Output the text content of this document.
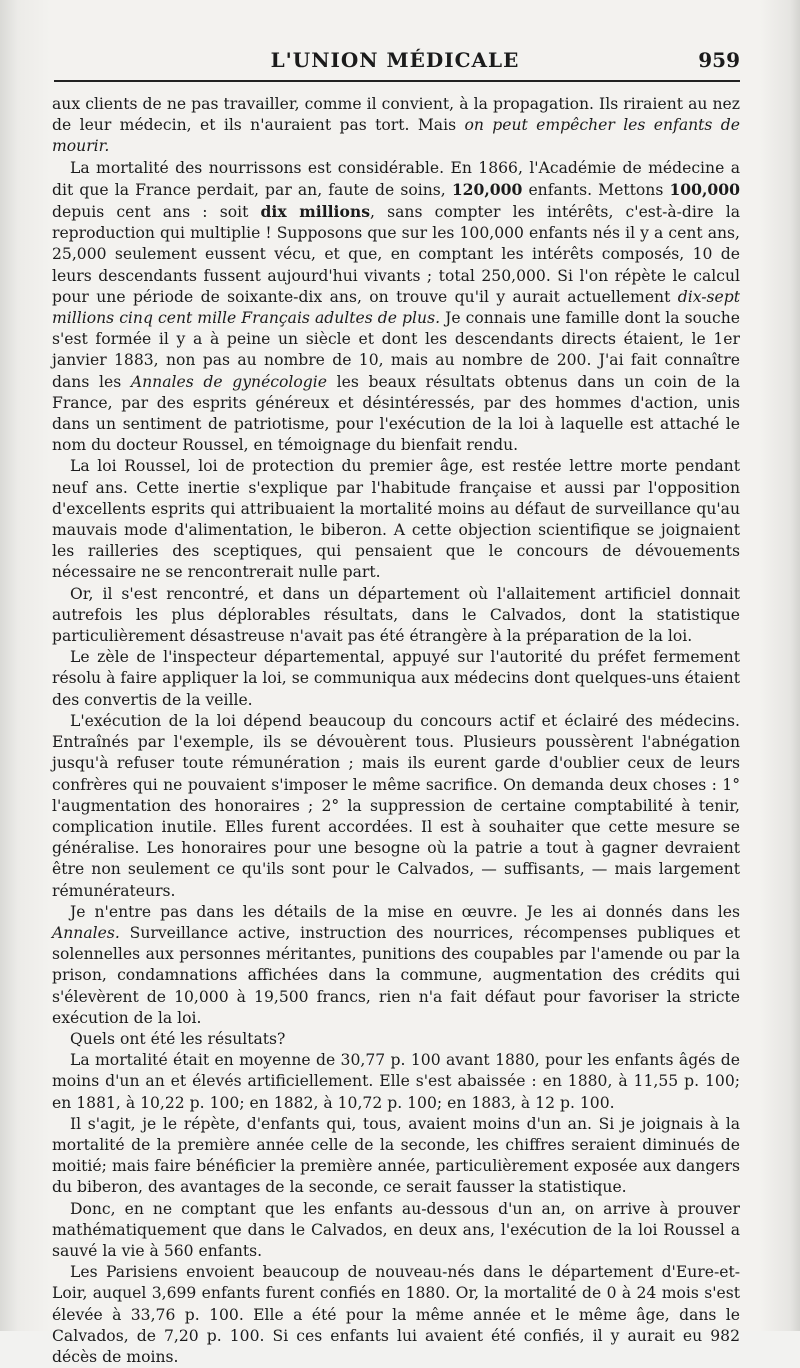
L'UNION MÉDICALE	959

aux clients de ne pas travailler, comme il convient, à la propagation. Ils riraient au nez de leur médecin, et ils n'auraient pas tort. Mais on peut empêcher les enfants de mourir.

La mortalité des nourrissons est considérable. En 1866, l'Académie de médecine a dit que la France perdait, par an, faute de soins, 120,000 enfants. Mettons 100,000 depuis cent ans : soit dix millions, sans compter les intérêts, c'est-à-dire la reproduction qui multiplie ! Supposons que sur les 100,000 enfants nés il y a cent ans, 25,000 seulement eussent vécu, et que, en comptant les intérêts composés, 10 de leurs descendants fussent aujourd'hui vivants ; total 250,000. Si l'on répète le calcul pour une période de soixante-dix ans, on trouve qu'il y aurait actuellement dix-sept millions cinq cent mille Français adultes de plus. Je connais une famille dont la souche s'est formée il y a à peine un siècle et dont les descendants directs étaient, le 1er janvier 1883, non pas au nombre de 10, mais au nombre de 200. J'ai fait connaître dans les Annales de gynécologie les beaux résultats obtenus dans un coin de la France, par des esprits généreux et désintéressés, par des hommes d'action, unis dans un sentiment de patriotisme, pour l'exécution de la loi à laquelle est attaché le nom du docteur Roussel, en témoignage du bienfait rendu.

La loi Roussel, loi de protection du premier âge, est restée lettre morte pendant neuf ans. Cette inertie s'explique par l'habitude française et aussi par l'opposition d'excellents esprits qui attribuaient la mortalité moins au défaut de surveillance qu'au mauvais mode d'alimentation, le biberon. A cette objection scientifique se joignaient les railleries des sceptiques, qui pensaient que le concours de dévouements nécessaire ne se rencontrerait nulle part.

Or, il s'est rencontré, et dans un département où l'allaitement artificiel donnait autrefois les plus déplorables résultats, dans le Calvados, dont la statistique particulièrement désastreuse n'avait pas été étrangère à la préparation de la loi.

Le zèle de l'inspecteur départemental, appuyé sur l'autorité du préfet fermement résolu à faire appliquer la loi, se communiqua aux médecins dont quelques-uns étaient des convertis de la veille.

L'exécution de la loi dépend beaucoup du concours actif et éclairé des médecins. Entraînés par l'exemple, ils se dévouèrent tous. Plusieurs poussèrent l'abnégation jusqu'à refuser toute rémunération ; mais ils eurent garde d'oublier ceux de leurs confrères qui ne pouvaient s'imposer le même sacrifice. On demanda deux choses : 1° l'augmentation des honoraires ; 2° la suppression de certaine comptabilité à tenir, complication inutile. Elles furent accordées. Il est à souhaiter que cette mesure se généralise. Les honoraires pour une besogne où la patrie a tout à gagner devraient être non seulement ce qu'ils sont pour le Calvados, — suffisants, — mais largement rémunérateurs.

Je n'entre pas dans les détails de la mise en œuvre. Je les ai donnés dans les Annales. Surveillance active, instruction des nourrices, récompenses publiques et solennelles aux personnes méritantes, punitions des coupables par l'amende ou par la prison, condamnations affichées dans la commune, augmentation des crédits qui s'élevèrent de 10,000 à 19,500 francs, rien n'a fait défaut pour favoriser la stricte exécution de la loi.

Quels ont été les résultats?

La mortalité était en moyenne de 30,77 p. 100 avant 1880, pour les enfants âgés de moins d'un an et élevés artificiellement. Elle s'est abaissée : en 1880, à 11,55 p. 100; en 1881, à 10,22 p. 100; en 1882, à 10,72 p. 100; en 1883, à 12 p. 100.

Il s'agit, je le répète, d'enfants qui, tous, avaient moins d'un an. Si je joignais à la mortalité de la première année celle de la seconde, les chiffres seraient diminués de moitié; mais faire bénéficier la première année, particulièrement exposée aux dangers du biberon, des avantages de la seconde, ce serait fausser la statistique.

Donc, en ne comptant que les enfants au-dessous d'un an, on arrive à prouver mathématiquement que dans le Calvados, en deux ans, l'exécution de la loi Roussel a sauvé la vie à 560 enfants.

Les Parisiens envoient beaucoup de nouveau-nés dans le département d'Eure-et-Loir, auquel 3,699 enfants furent confiés en 1880. Or, la mortalité de 0 à 24 mois s'est élevée à 33,76 p. 100. Elle a été pour la même année et le même âge, dans le Calvados, de 7,20 p. 100. Si ces enfants lui avaient été confiés, il y aurait eu 982 décès de moins.
